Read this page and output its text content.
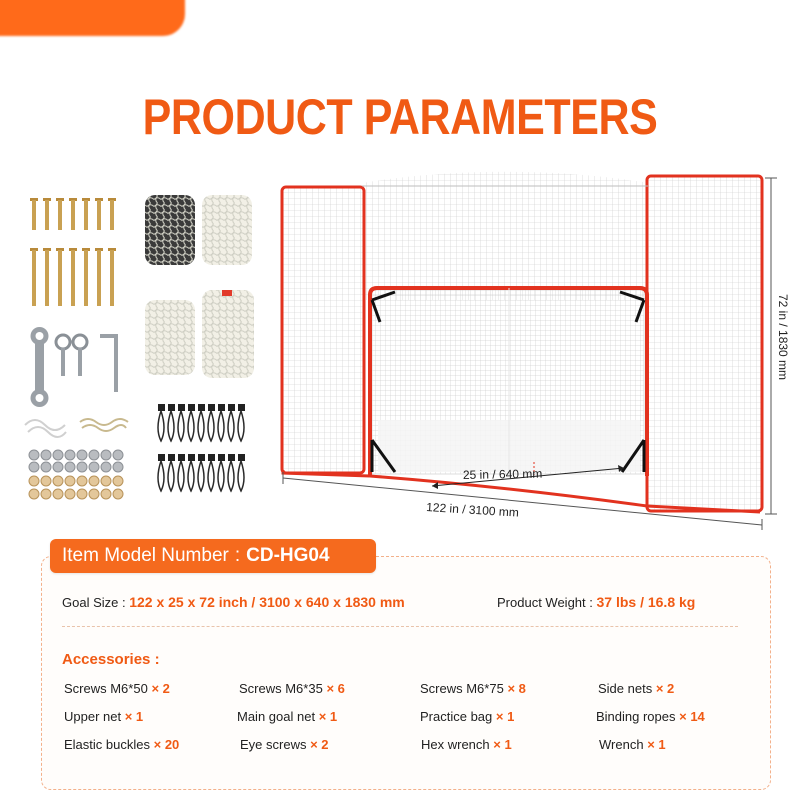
PRODUCT PARAMETERS
25 in / 640 mm
122 in / 3100 mm
72 in / 1830 mm
Item Model Number : CD-HG04
Goal Size : 122 x 25 x 72 inch / 3100 x 640 x 1830 mm	Product Weight : 37 lbs / 16.8 kg
Accessories :
Screws M6*50 × 2	Screws M6*35 × 6	Screws M6*75 × 8	Side nets × 2
Upper net × 1	Main goal net × 1	Practice bag × 1	Binding ropes × 14
Elastic buckles × 20	Eye screws × 2	Hex wrench × 1	Wrench × 1
